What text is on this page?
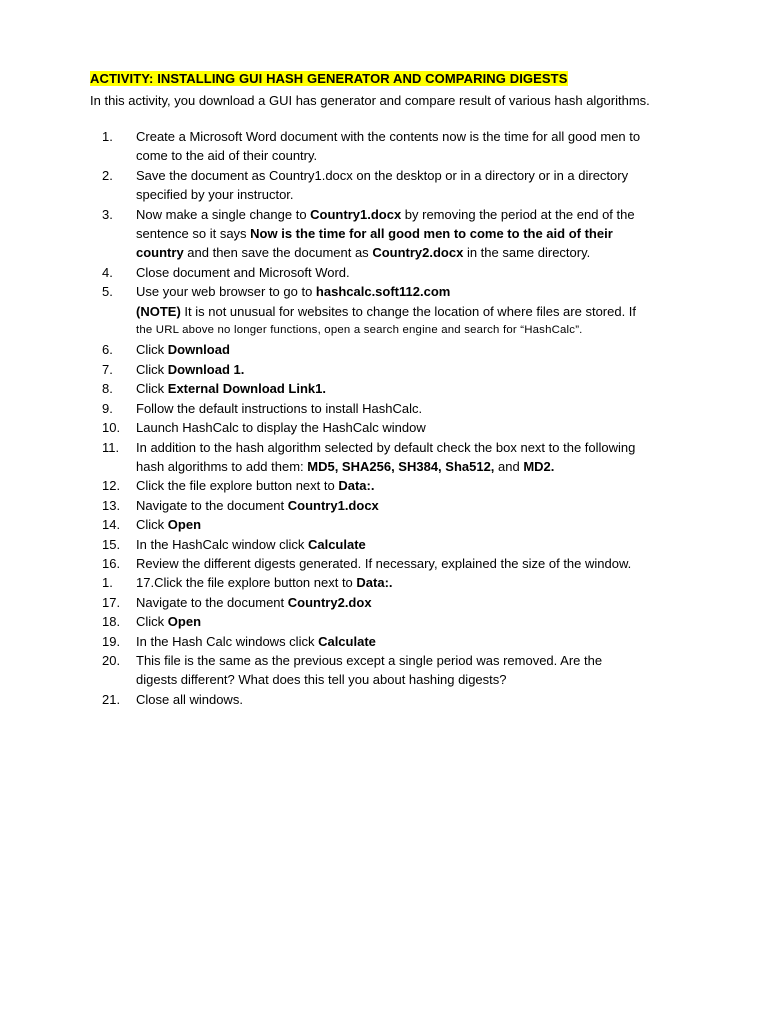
ACTIVITY: INSTALLING GUI HASH GENERATOR AND COMPARING DIGESTS
In this activity, you download a GUI has generator and compare result of various hash algorithms.
1.	Create a Microsoft Word document with the contents now is the time for all good men to
come to the aid of their country.
2.	Save the document as Country1.docx on the desktop or in a directory or in a directory
specified by your instructor.
3.	Now make a single change to Country1.docx by removing the period at the end of the
sentence so it says Now is the time for all good men to come to the aid of their
country and then save the document as Country2.docx in the same directory.
4.	Close document and Microsoft Word.
5.	Use your web browser to go to hashcalc.soft112.com
(NOTE) It is not unusual for websites to change the location of where files are stored. If
the URL above no longer functions, open a search engine and search for “HashCalc”.
6.	Click Download
7.	Click Download 1.
8.	Click External Download Link1.
9.	Follow the default instructions to install HashCalc.
10.	Launch HashCalc to display the HashCalc window
11.	In addition to the hash algorithm selected by default check the box next to the following
hash algorithms to add them: MD5, SHA256, SH384, Sha512, and MD2.
12.	Click the file explore button next to Data:.
13.	Navigate to the document Country1.docx
14.	Click Open
15.	In the HashCalc window click Calculate
16.	Review the different digests generated. If necessary, explained the size of the window.
1.	17.Click the file explore button next to Data:.
17.	Navigate to the document Country2.dox
18.	Click Open
19.	In the Hash Calc windows click Calculate
20.	This file is the same as the previous except a single period was removed. Are the
digests different? What does this tell you about hashing digests?
21.	Close all windows.
